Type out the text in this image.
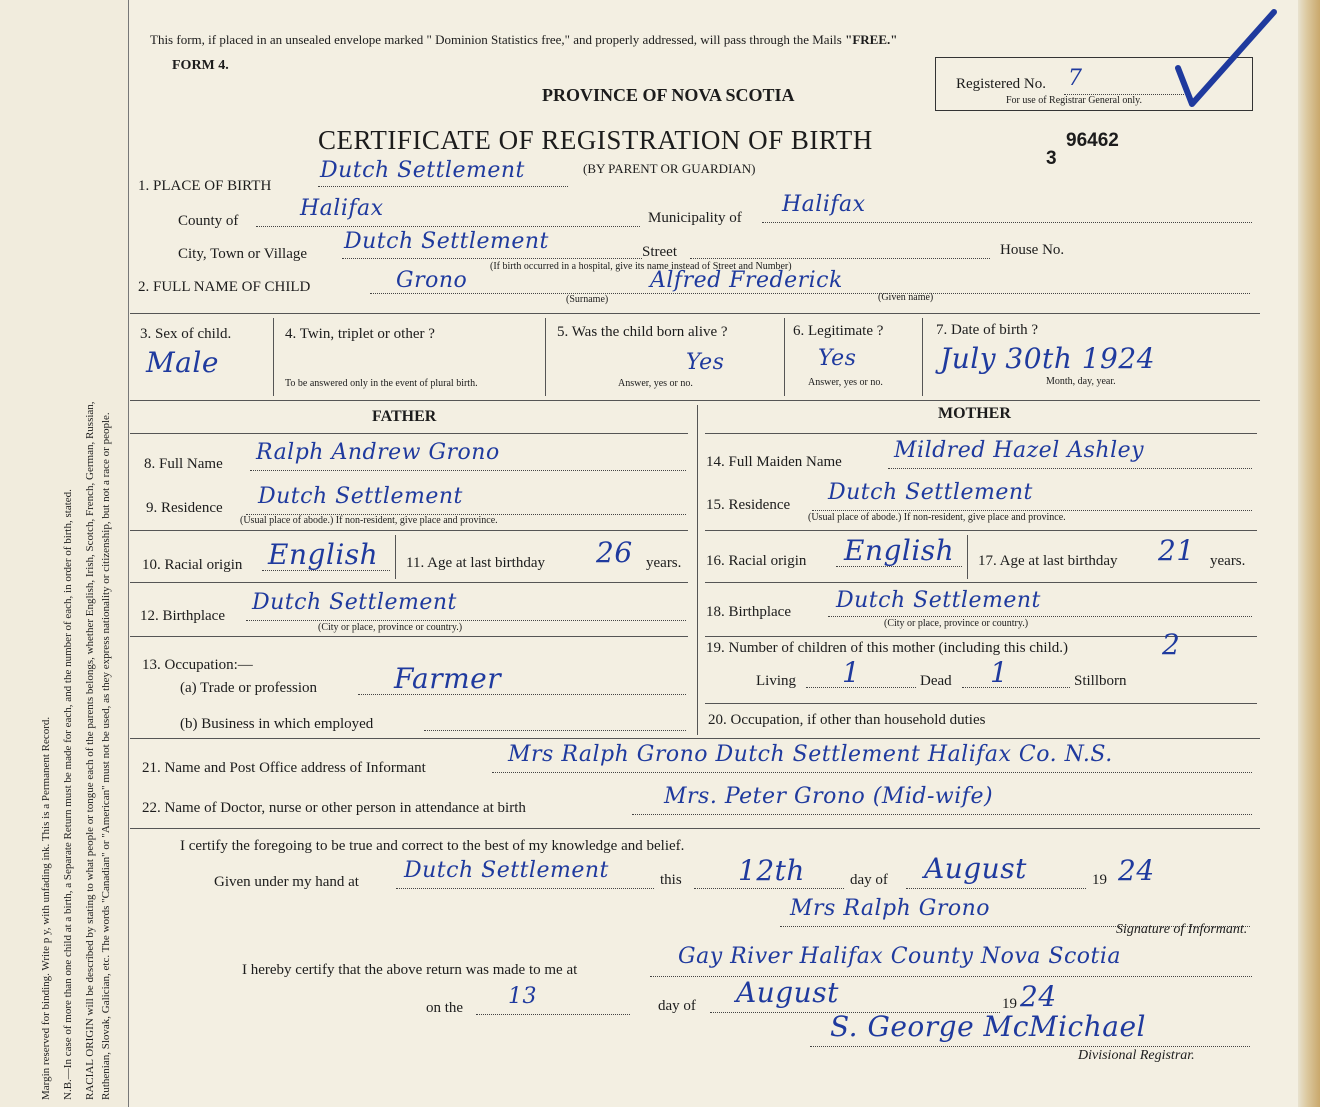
Margin reserved for binding. Write p y, with unfading ink. This is a Permanent Record. N.B.—In case of more than one child at a birth, a Separate Return must be made for each, and the number of each, in order of birth, stated. RACIAL ORIGIN will be described by stating to what people or tongue each of the parents belongs, whether English, Irish, Scotch, French, German, Russian, Ruthenian, Slovak, Galician, etc. The words "Canadian" or "American" must not be used, as they express nationality or citizenship, but not a race or people.
This form, if placed in an unsealed envelope marked " Dominion Statistics free," and properly addressed, will pass through the Mails "FREE."
FORM 4.
PROVINCE OF NOVA SCOTIA
Registered No. 7
For use of Registrar General only.
CERTIFICATE OF REGISTRATION OF BIRTH	96462
3
1. PLACE OF BIRTH
Dutch Settlement	(BY PARENT OR GUARDIAN)
County of	Halifax	Municipality of
Halifax
City, Town or Village Dutch Settlement	Street	House No.
(If birth occurred in a hospital, give its name instead of Street and Number)
2. FULL NAME OF CHILD	Grono	Alfred Frederick
(Surname)	(Given name)
3. Sex of child.
Male
4. Twin, triplet or other ?
To be answered only in the event of plural birth.
5. Was the child born alive ?
Yes
Answer, yes or no.
6. Legitimate ?
Yes
Answer, yes or no.
7. Date of birth ?
July 30th 1924
Month, day, year.
FATHER	MOTHER
8. Full Name Ralph Andrew Grono	14. Full Maiden Name Mildred Hazel Ashley
9. Residence Dutch Settlement
(Usual place of abode.) If non-resident, give place and province.
15. Residence Dutch Settlement
(Usual place of abode.) If non-resident, give place and province.
10. Racial origin English 11. Age at last birthday 26 years. 16. Racial origin English 17. Age at last birthday 21 years.
12. Birthplace
Dutch Settlement
(City or place, province or country.)
18. Birthplace Dutch Settlement
(City or place, province or country.)
13. Occupation:—
(a) Trade or profession	Farmer
(b) Business in which employed
19. Number of children of this mother (including this child.)	2
Living 1	Dead 1	Stillborn
20. Occupation, if other than household duties
21. Name and Post Office address of Informant
Mrs Ralph Grono Dutch Settlement Halifax Co. N.S.
22. Name of Doctor, nurse or other person in attendance at birth	Mrs. Peter Grono (Mid-wife)
I certify the foregoing to be true and correct to the best of my knowledge and belief.
Given under my hand at Dutch Settlement	this 12th	day of August	19 24
Mrs Ralph Grono
Signature of Informant.
I hereby certify that the above return was made to me at
Gay River Halifax County Nova Scotia
on the 13	day of August	19 24
S. George McMichael
Divisional Registrar.
